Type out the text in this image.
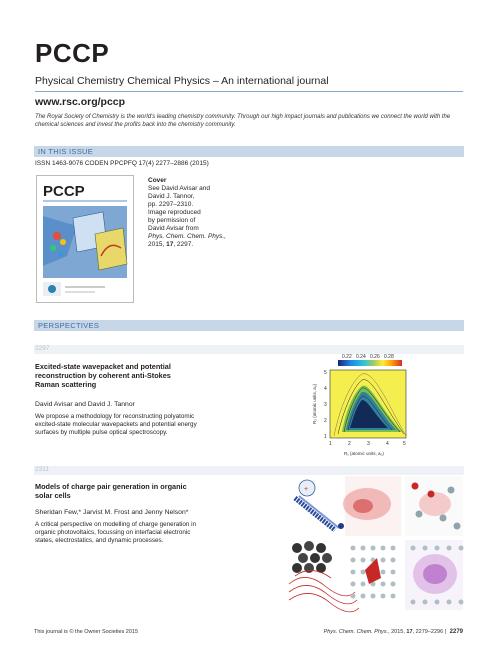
PCCP
Physical Chemistry Chemical Physics – An international journal
www.rsc.org/pccp
The Royal Society of Chemistry is the world's leading chemistry community. Through our high impact journals and publications we connect the world with the chemical sciences and invest the profits back into the chemistry community.
IN THIS ISSUE
ISSN 1463-9076 CODEN PPCPFQ 17(4) 2277–2886 (2015)
PCCP
Cover
See David Avisar and
David J. Tannor,
pp. 2297–2310.
Image reproduced
by permission of
David Avisar from
Phys. Chem. Chem. Phys.,
2015, 17, 2297.
PERSPECTIVES
2297
Excited-state wavepacket and potential
reconstruction by coherent anti-Stokes
Raman scattering
David Avisar and David J. Tannor
We propose a methodology for reconstructing polyatomic
excited-state molecular wavepackets and potential energy
surfaces by multiple pulse optical spectroscopy.
0.22 0.24 0.26 0.28
1
2
3
4
5
1	2	3	4	5
R₁ (atomic units, a₀)
R₂ (atomic units, a₀)
2311
Models of charge pair generation in organic
solar cells
Sheridan Few,* Jarvist M. Frost and Jenny Nelson*
A critical perspective on modelling of charge generation in
organic photovoltaics, focussing on interfacial electronic
states, electrostatics, and dynamic processes.
+
This journal is © the Owner Societies 2015	Phys. Chem. Chem. Phys., 2015, 17, 2279–2296 | 2279
